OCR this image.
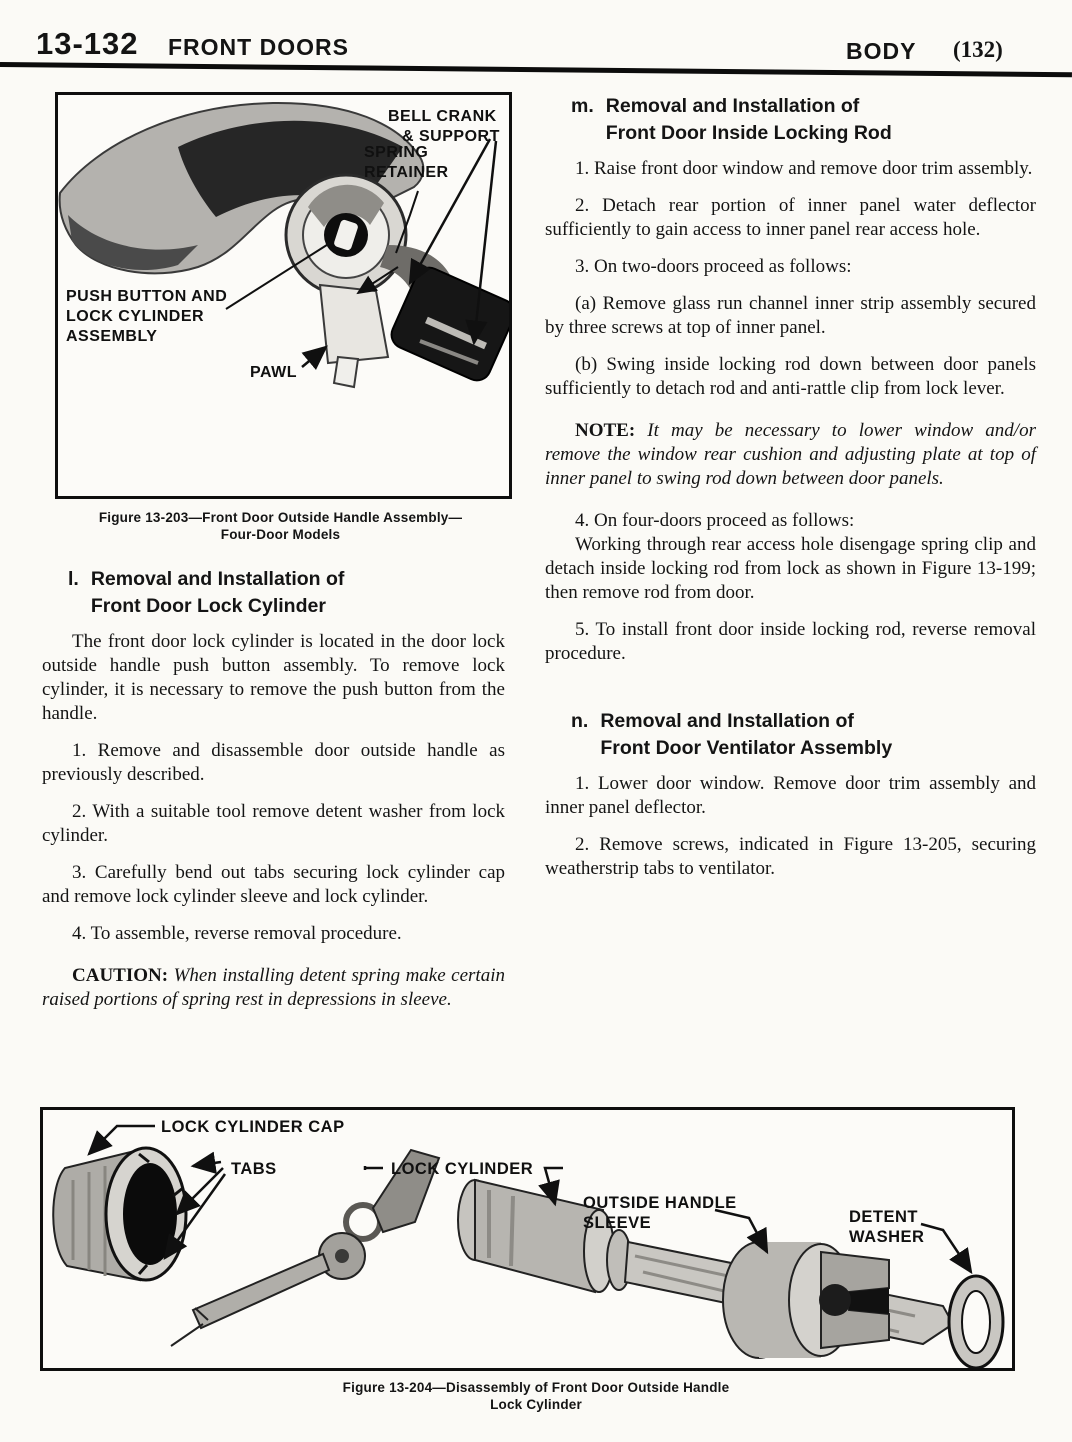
13-132 FRONT DOORS	BODY (132)
BELL CRANK & SUPPORT
SPRING RETAINER
PUSH BUTTON AND LOCK CYLINDER ASSEMBLY
PAWL
Figure 13-203—Front Door Outside Handle Assembly—
Four-Door Models
l. Removal and Installation of
Front Door Lock Cylinder

The front door lock cylinder is located in the door lock outside handle push button assembly. To remove lock cylinder, it is necessary to remove the push button from the handle.

1. Remove and disassemble door outside handle as previously described.

2. With a suitable tool remove detent washer from lock cylinder.

3. Carefully bend out tabs securing lock cylinder cap and remove lock cylinder sleeve and lock cylinder.

4. To assemble, reverse removal procedure.

CAUTION: When installing detent spring make certain raised portions of spring rest in depressions in sleeve.

m. Removal and Installation of
Front Door Inside Locking Rod

1. Raise front door window and remove door trim assembly.

2. Detach rear portion of inner panel water deflector sufficiently to gain access to inner panel rear access hole.

3. On two-doors proceed as follows:

(a) Remove glass run channel inner strip assembly secured by three screws at top of inner panel.

(b) Swing inside locking rod down between door panels sufficiently to detach rod and anti-rattle clip from lock lever.

NOTE: It may be necessary to lower window and/or remove the window rear cushion and adjusting plate at top of inner panel to swing rod down between door panels.

4. On four-doors proceed as follows:

Working through rear access hole disengage spring clip and detach inside locking rod from lock as shown in Figure 13-199; then remove rod from door.

5. To install front door inside locking rod, reverse removal procedure.

n. Removal and Installation of
Front Door Ventilator Assembly

1. Lower door window. Remove door trim assembly and inner panel deflector.

2. Remove screws, indicated in Figure 13-205, securing weatherstrip tabs to ventilator.

LOCK CYLINDER CAP
TABS	LOCK CYLINDER
OUTSIDE HANDLE SLEEVE	DETENT WASHER
Figure 13-204—Disassembly of Front Door Outside Handle
Lock Cylinder
